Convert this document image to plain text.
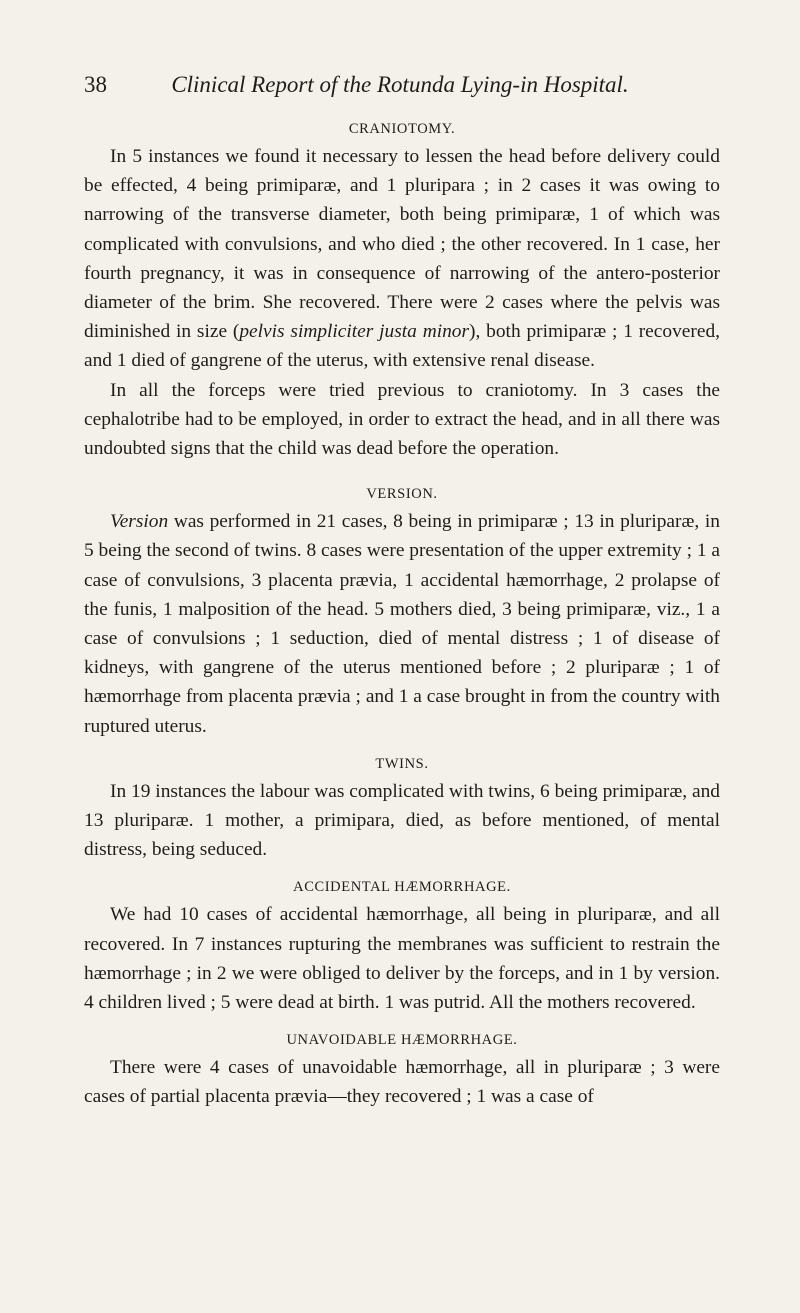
38	Clinical Report of the Rotunda Lying-in Hospital.
CRANIOTOMY.

In 5 instances we found it necessary to lessen the head before delivery could be effected, 4 being primiparæ, and 1 pluripara ; in 2 cases it was owing to narrowing of the transverse diameter, both being primiparæ, 1 of which was complicated with convulsions, and who died ; the other recovered. In 1 case, her fourth pregnancy, it was in consequence of narrowing of the antero-posterior diameter of the brim. She recovered. There were 2 cases where the pelvis was diminished in size (pelvis simpliciter justa minor), both primiparæ ; 1 recovered, and 1 died of gangrene of the uterus, with extensive renal disease.

In all the forceps were tried previous to craniotomy. In 3 cases the cephalotribe had to be employed, in order to extract the head, and in all there was undoubted signs that the child was dead before the operation.

VERSION.

Version was performed in 21 cases, 8 being in primiparæ ; 13 in pluriparæ, in 5 being the second of twins. 8 cases were presentation of the upper extremity ; 1 a case of convulsions, 3 placenta prævia, 1 accidental hæmorrhage, 2 prolapse of the funis, 1 malposition of the head. 5 mothers died, 3 being primiparæ, viz., 1 a case of convulsions ; 1 seduction, died of mental distress ; 1 of disease of kidneys, with gangrene of the uterus mentioned before ; 2 pluriparæ ; 1 of hæmorrhage from placenta prævia ; and 1 a case brought in from the country with ruptured uterus.

TWINS.

In 19 instances the labour was complicated with twins, 6 being primiparæ, and 13 pluriparæ. 1 mother, a primipara, died, as before mentioned, of mental distress, being seduced.

ACCIDENTAL HÆMORRHAGE.

We had 10 cases of accidental hæmorrhage, all being in pluriparæ, and all recovered. In 7 instances rupturing the membranes was sufficient to restrain the hæmorrhage ; in 2 we were obliged to deliver by the forceps, and in 1 by version. 4 children lived ; 5 were dead at birth. 1 was putrid. All the mothers recovered.

UNAVOIDABLE HÆMORRHAGE.

There were 4 cases of unavoidable hæmorrhage, all in pluriparæ ; 3 were cases of partial placenta prævia—they recovered ; 1 was a case of
